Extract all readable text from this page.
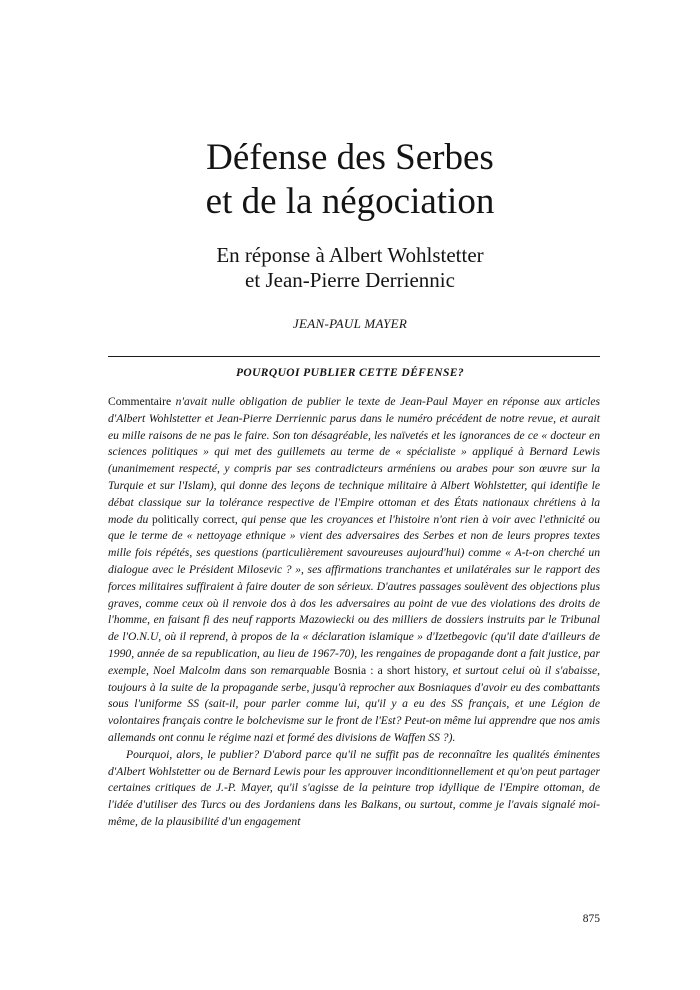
Défense des Serbes
et de la négociation
En réponse à Albert Wohlstetter
et Jean-Pierre Derriennic
JEAN-PAUL MAYER
POURQUOI PUBLIER CETTE DÉFENSE?

Commentaire n'avait nulle obligation de publier le texte de Jean-Paul Mayer en réponse aux articles d'Albert Wohlstetter et Jean-Pierre Derriennic parus dans le numéro précédent de notre revue, et aurait eu mille raisons de ne pas le faire. Son ton désagréable, les naïvetés et les ignorances de ce « docteur en sciences politiques » qui met des guillemets au terme de « spécialiste » appliqué à Bernard Lewis (unanimement respecté, y compris par ses contradicteurs arméniens ou arabes pour son œuvre sur la Turquie et sur l'Islam), qui donne des leçons de technique militaire à Albert Wohlstetter, qui identifie le débat classique sur la tolérance respective de l'Empire ottoman et des États nationaux chrétiens à la mode du politically correct, qui pense que les croyances et l'histoire n'ont rien à voir avec l'ethnicité ou que le terme de « nettoyage ethnique » vient des adversaires des Serbes et non de leurs propres textes mille fois répétés, ses questions (particulièrement savoureuses aujourd'hui) comme « A-t-on cherché un dialogue avec le Président Milosevic ? », ses affirmations tranchantes et unilatérales sur le rapport des forces militaires suffiraient à faire douter de son sérieux. D'autres passages soulèvent des objections plus graves, comme ceux où il renvoie dos à dos les adversaires au point de vue des violations des droits de l'homme, en faisant fi des neuf rapports Mazowiecki ou des milliers de dossiers instruits par le Tribunal de l'O.N.U, où il reprend, à propos de la « déclaration islamique » d'Izetbegovic (qu'il date d'ailleurs de 1990, année de sa republication, au lieu de 1967-70), les rengaines de propagande dont a fait justice, par exemple, Noel Malcolm dans son remarquable Bosnia : a short history, et surtout celui où il s'abaisse, toujours à la suite de la propagande serbe, jusqu'à reprocher aux Bosniaques d'avoir eu des combattants sous l'uniforme SS (sait-il, pour parler comme lui, qu'il y a eu des SS français, et une Légion de volontaires français contre le bolchevisme sur le front de l'Est? Peut-on même lui apprendre que nos amis allemands ont connu le régime nazi et formé des divisions de Waffen SS ?).

Pourquoi, alors, le publier? D'abord parce qu'il ne suffit pas de reconnaître les qualités éminentes d'Albert Wohlstetter ou de Bernard Lewis pour les approuver inconditionnellement et qu'on peut partager certaines critiques de J.-P. Mayer, qu'il s'agisse de la peinture trop idyllique de l'Empire ottoman, de l'idée d'utiliser des Turcs ou des Jordaniens dans les Balkans, ou surtout, comme je l'avais signalé moi-même, de la plausibilité d'un engagement

875
